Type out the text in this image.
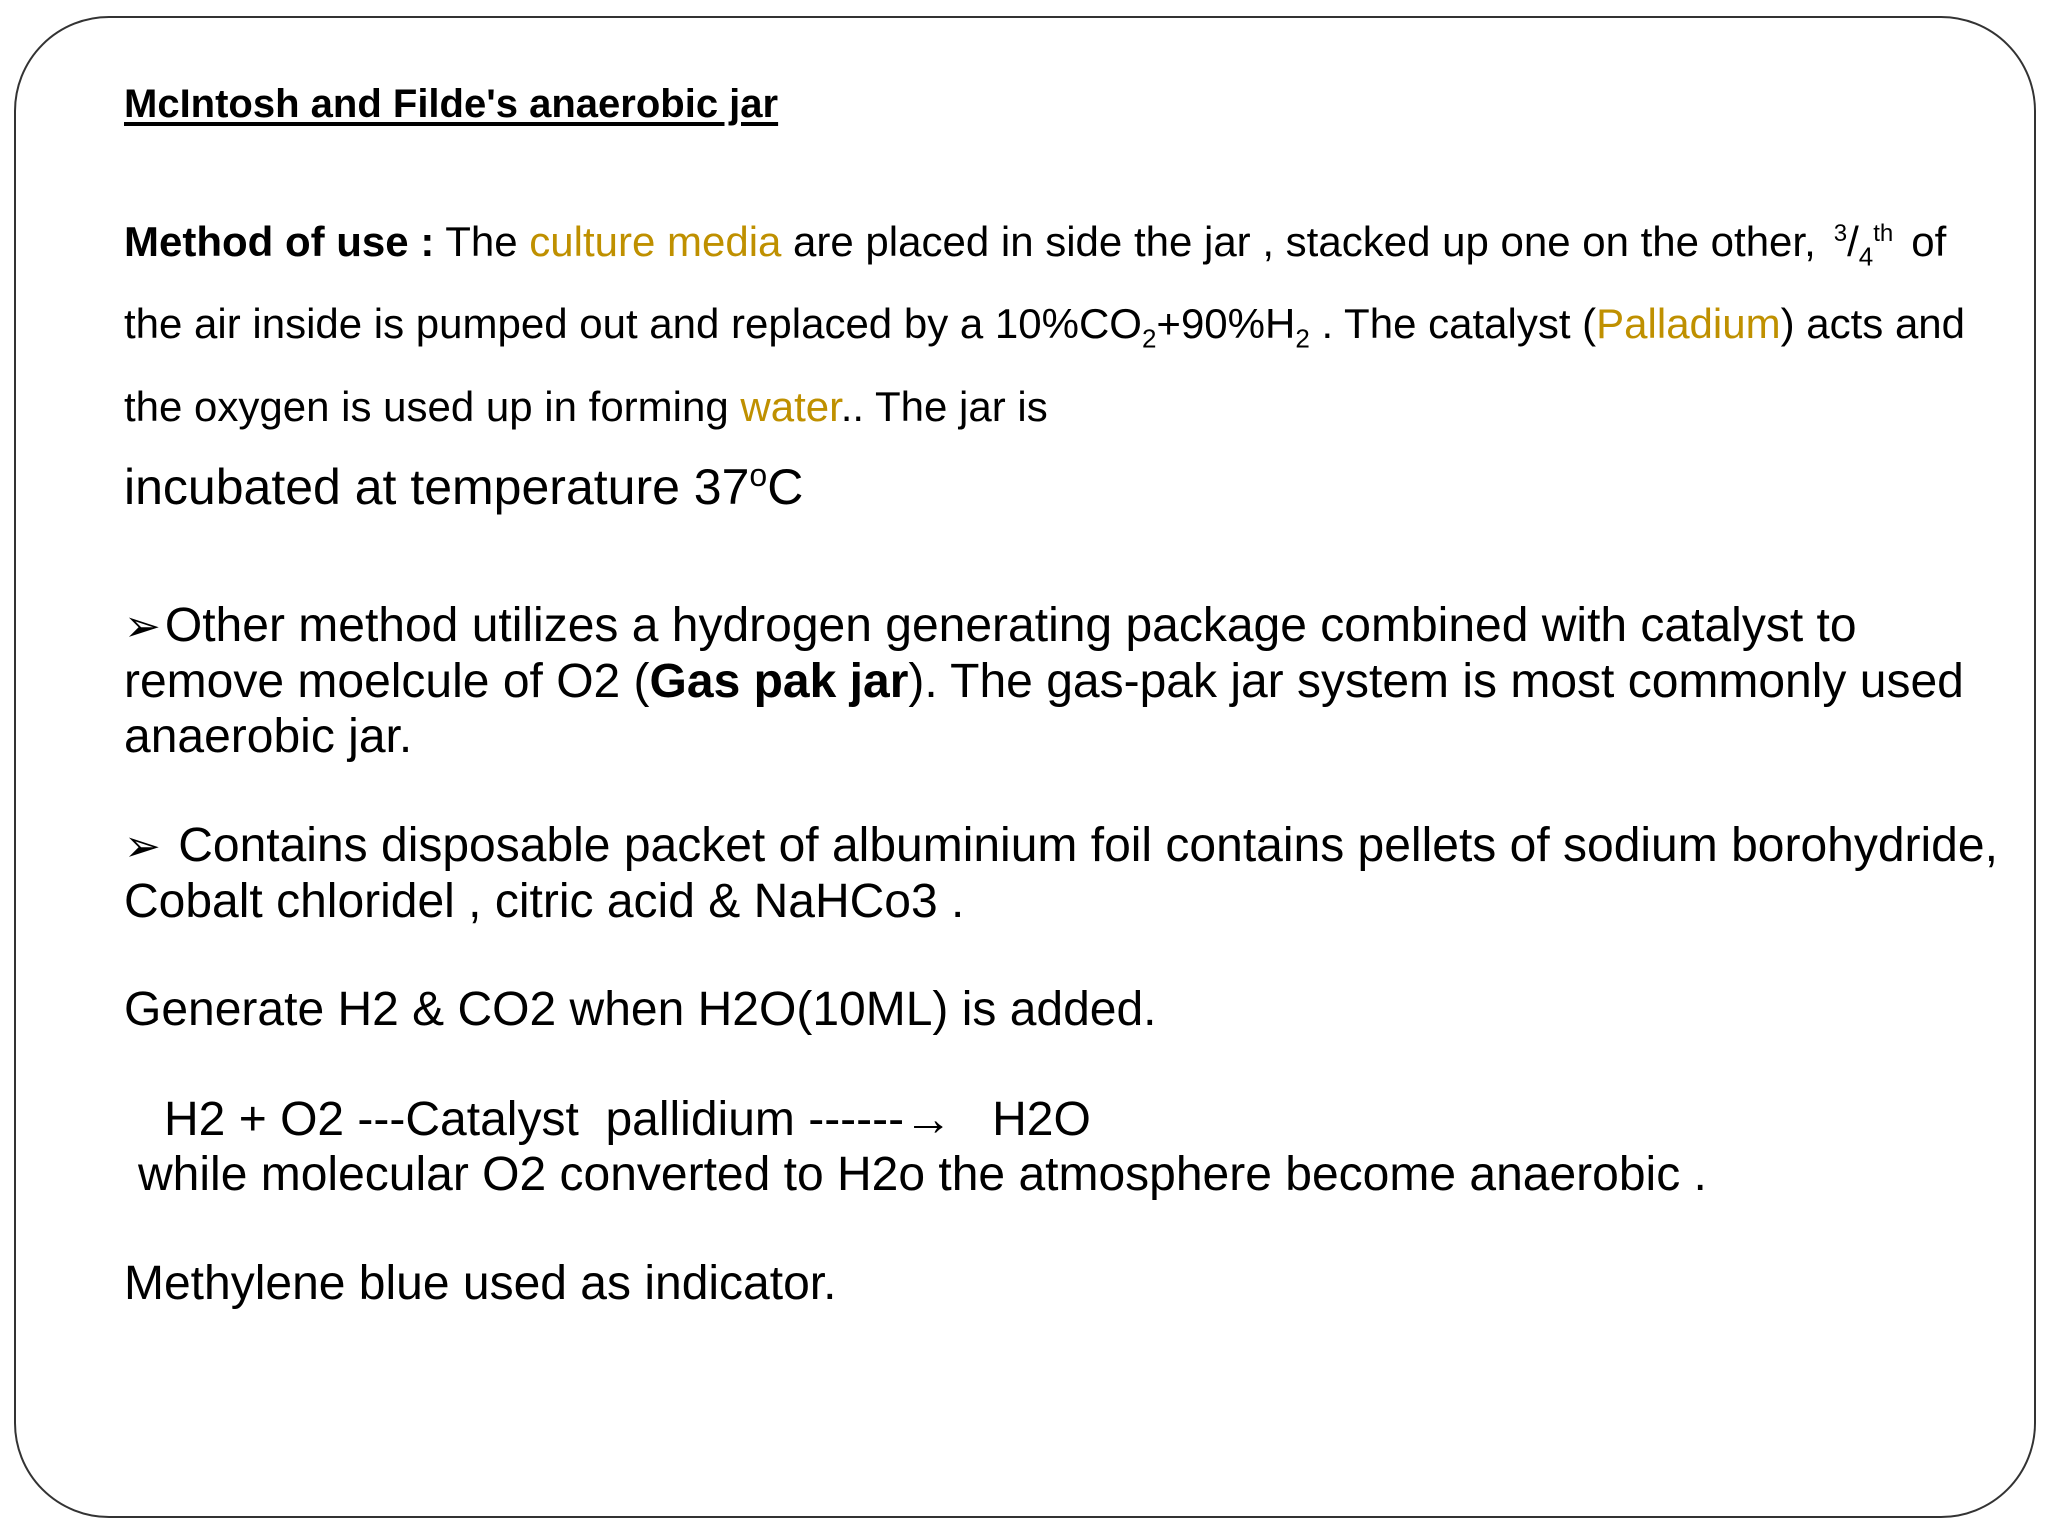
McIntosh and Filde's anaerobic jar
Method of use : The culture media are placed in side the jar , stacked up one on the other, $^3/_4^{th}$ of the air inside is pumped out and replaced by a $10\%CO_2+90\%H_2$ . The catalyst (Palladium) acts and the oxygen is used up in forming water.. The jar is
incubated at temperature 37$^o$C
➢Other method utilizes a hydrogen generating package combined with catalyst to remove moelcule of O2 (Gas pak jar). The gas-pak jar system is most commonly used anaerobic jar.
➢ Contains disposable packet of albuminium foil contains pellets of sodium borohydride, Cobalt chloridel , citric acid & NaHCo3 .
Generate H2 & CO2 when H2O(10ML) is added.
H2 + O2 ---Catalyst  pallidium ------→   H2O
while molecular O2 converted to H2o the atmosphere become anaerobic .
Methylene blue used as indicator.
